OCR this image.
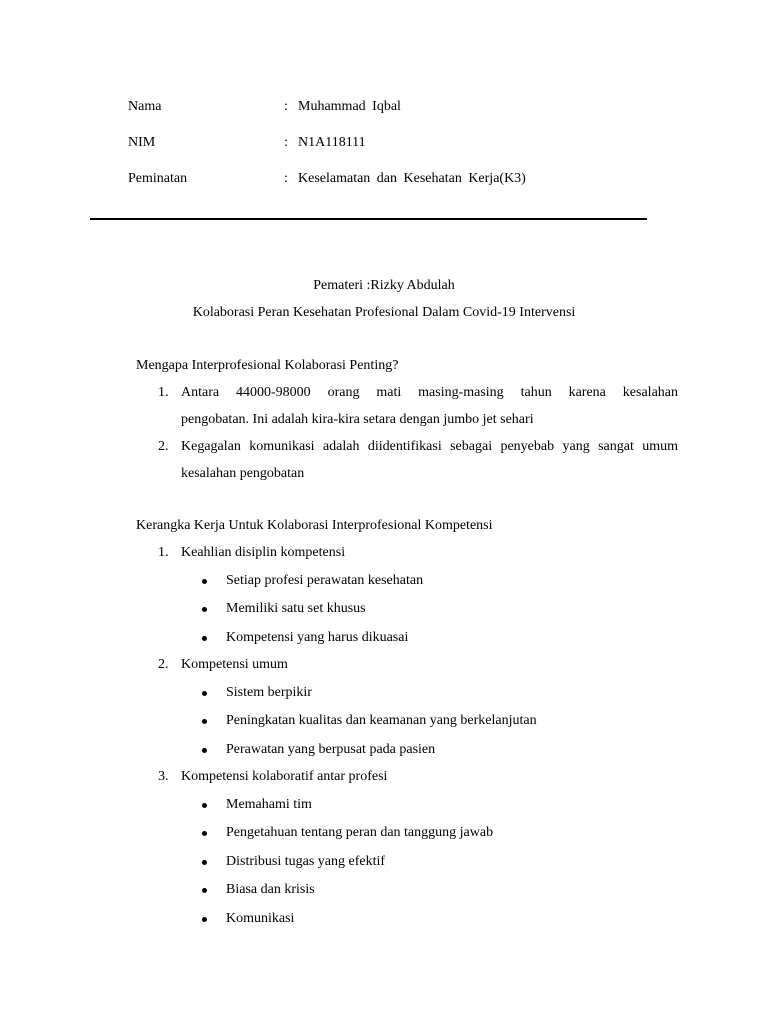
Nama	: Muhammad Iqbal
NIM	: N1A118111
Peminatan	: Keselamatan dan Kesehatan Kerja(K3)
Pemateri :Rizky Abdulah
Kolaborasi Peran Kesehatan Profesional Dalam Covid-19 Intervensi
Mengapa Interprofesional Kolaborasi Penting?
1. Antara 44000-98000 orang mati masing-masing tahun karena kesalahan
pengobatan. Ini adalah kira-kira setara dengan jumbo jet sehari
2. Kegagalan komunikasi adalah diidentifikasi sebagai penyebab yang sangat umum
kesalahan pengobatan
Kerangka Kerja Untuk Kolaborasi Interprofesional Kompetensi
1. Keahlian disiplin kompetensi
Setiap profesi perawatan kesehatan
Memiliki satu set khusus
Kompetensi yang harus dikuasai
2. Kompetensi umum
Sistem berpikir
Peningkatan kualitas dan keamanan yang berkelanjutan
Perawatan yang berpusat pada pasien
3. Kompetensi kolaboratif antar profesi
Memahami tim
Pengetahuan tentang peran dan tanggung jawab
Distribusi tugas yang efektif
Biasa dan krisis
Komunikasi
